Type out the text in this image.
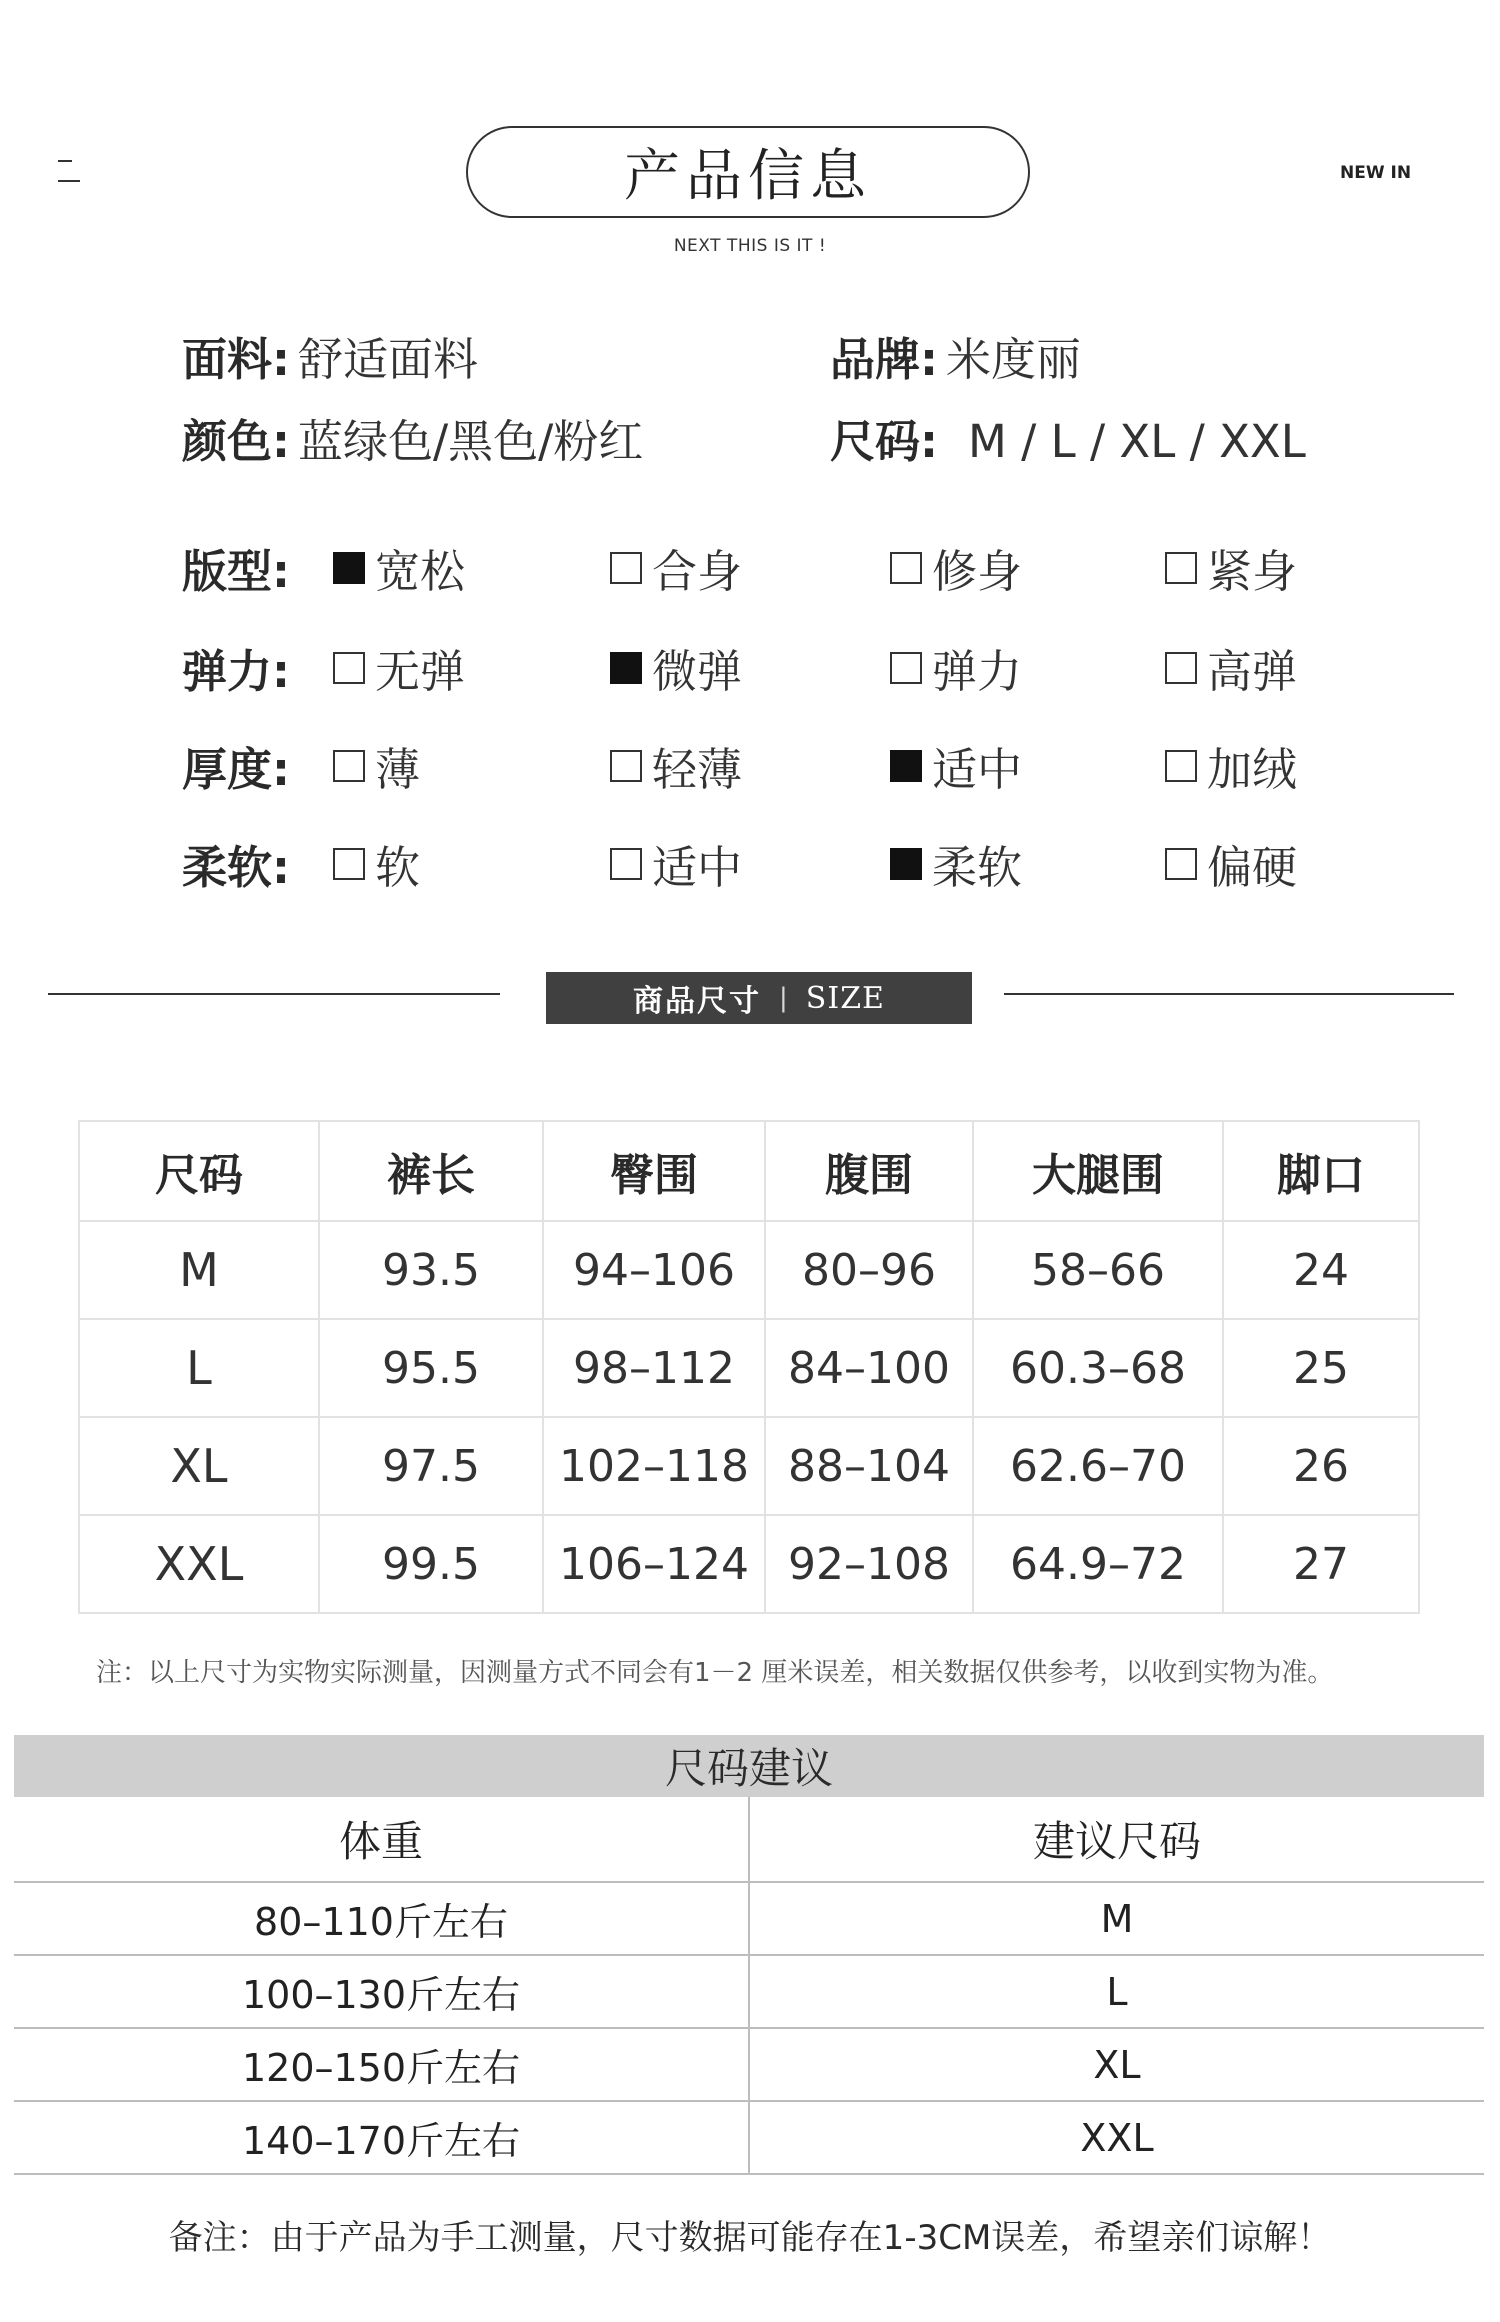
产品信息
NEXT THIS IS IT !
NEW IN
面料: 舒适面料	品牌: 米度丽
颜色: 蓝绿色/黑色/粉红	尺码: M / L / XL / XXL
版型: 宽松	合身	修身	紧身
弹力: 无弹	微弹	弹力	高弹
厚度: 薄	轻薄	适中	加绒
柔软: 软	适中	柔软	偏硬
商品尺寸 | SIZE
尺码	裤长	臀围	腹围	大腿围	脚口
M	93.5	94–106	80–96	58–66	24
L	95.5	98–112	84–100	60.3–68	25
XL	97.5	102–118	88–104	62.6–70	26
XXL	99.5	106–124	92–108	64.9–72	27
注：以上尺寸为实物实际测量，因测量方式不同会有1－2 厘米误差，相关数据仅供参考，以收到实物为准。
尺码建议
体重	建议尺码
80–110斤左右	M
100–130斤左右	L
120–150斤左右	XL
140–170斤左右	XXL
备注：由于产品为手工测量，尺寸数据可能存在1-3CM误差，希望亲们谅解！
